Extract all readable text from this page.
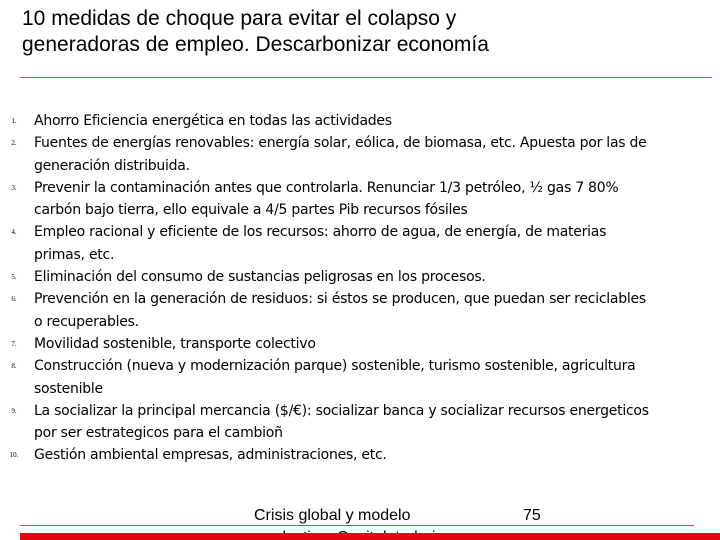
10 medidas de choque para evitar el colapso y
generadoras de empleo. Descarbonizar economía
1.	Ahorro Eficiencia energética en todas las actividades
2.	Fuentes de energías renovables: energía solar, eólica, de biomasa, etc. Apuesta por las de
generación distribuida.
3.	Prevenir la contaminación antes que controlarla. Renunciar 1/3 petróleo, ½ gas 7 80%
carbón bajo tierra, ello equivale a 4/5 partes Pib recursos fósiles
4.	Empleo racional y eficiente de los recursos: ahorro de agua, de energía, de materias
primas, etc.
5.	Eliminación del consumo de sustancias peligrosas en los procesos.
6.	Prevención en la generación de residuos: si éstos se producen, que puedan ser reciclables
o recuperables.
7.	Movilidad sostenible, transporte colectivo
8.	Construcción (nueva y modernización parque) sostenible, turismo sostenible, agricultura
sostenible
9.	La socializar la principal mercancia ($/€): socializar banca y socializar recursos energeticos
por ser estrategicos para el cambioñ
10. Gestión ambiental empresas, administraciones, etc.
Crisis global y modelo	75
